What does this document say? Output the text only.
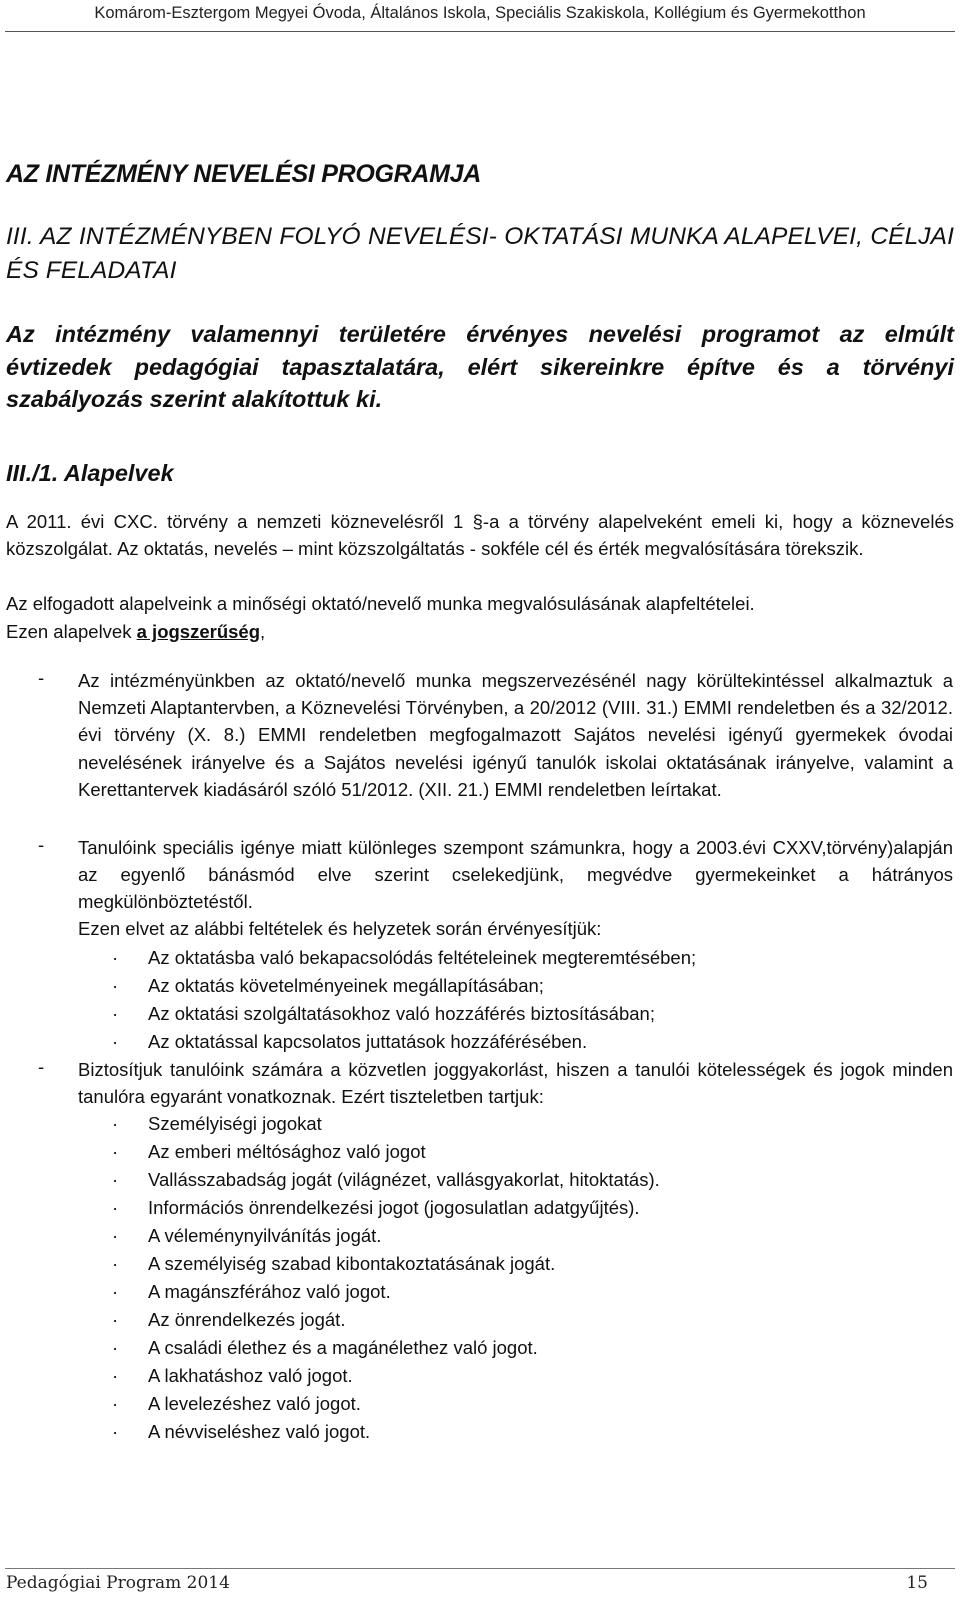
Komárom-Esztergom Megyei Óvoda, Általános Iskola, Speciális Szakiskola, Kollégium és Gyermekotthon
AZ INTÉZMÉNY NEVELÉSI PROGRAMJA
III. AZ INTÉZMÉNYBEN FOLYÓ NEVELÉSI- OKTATÁSI MUNKA ALAPELVEI, CÉLJAI ÉS FELADATAI
Az intézmény valamennyi területére érvényes nevelési programot az elmúlt évtizedek pedagógiai tapasztalatára, elért sikereinkre építve és a törvényi szabályozás szerint alakítottuk ki.
III./1. Alapelvek
A 2011. évi CXC. törvény a nemzeti köznevelésről 1 §-a a törvény alapelveként emeli ki, hogy a köznevelés közszolgálat. Az oktatás, nevelés – mint közszolgáltatás - sokféle cél és érték megvalósítására törekszik.
Az elfogadott alapelveink a minőségi oktató/nevelő munka megvalósulásának alapfeltételei.
Ezen alapelvek a jogszerűség,
- Az intézményünkben az oktató/nevelő munka megszervezésénél nagy körültekintéssel alkalmaztuk a Nemzeti Alaptantervben, a Köznevelési Törvényben, a 20/2012 (VIII. 31.) EMMI rendeletben és a 32/2012. évi törvény (X. 8.) EMMI rendeletben megfogalmazott Sajátos nevelési igényű gyermekek óvodai nevelésének irányelve és a Sajátos nevelési igényű tanulók iskolai oktatásának irányelve, valamint a Kerettantervek kiadásáról szóló 51/2012. (XII. 21.) EMMI rendeletben leírtakat.
- Tanulóink speciális igénye miatt különleges szempont számunkra, hogy a 2003.évi CXXV,törvény)alapján az egyenlő bánásmód elve szerint cselekedjünk, megvédve gyermekeinket a hátrányos megkülönböztetéstől.
Ezen elvet az alábbi feltételek és helyzetek során érvényesítjük:
· Az oktatásba való bekapacsolódás feltételeinek megteremtésében;
· Az oktatás követelményeinek megállapításában;
· Az oktatási szolgáltatásokhoz való hozzáférés biztosításában;
· Az oktatással kapcsolatos juttatások hozzáférésében.
- Biztosítjuk tanulóink számára a közvetlen joggyakorlást, hiszen a tanulói kötelességek és jogok minden tanulóra egyaránt vonatkoznak. Ezért tiszteletben tartjuk:
· Személyiségi jogokat
· Az emberi méltósághoz való jogot
· Vallásszabadság jogát (világnézet, vallásgyakorlat, hitoktatás).
· Információs önrendelkezési jogot (jogosulatlan adatgyűjtés).
· A véleménynyilvánítás jogát.
· A személyiség szabad kibontakoztatásának jogát.
· A magánszférához való jogot.
· Az önrendelkezés jogát.
· A családi élethez és a magánélethez való jogot.
· A lakhatáshoz való jogot.
· A levelezéshez való jogot.
· A névviseléshez való jogot.
Pedagógiai Program 2014	15
